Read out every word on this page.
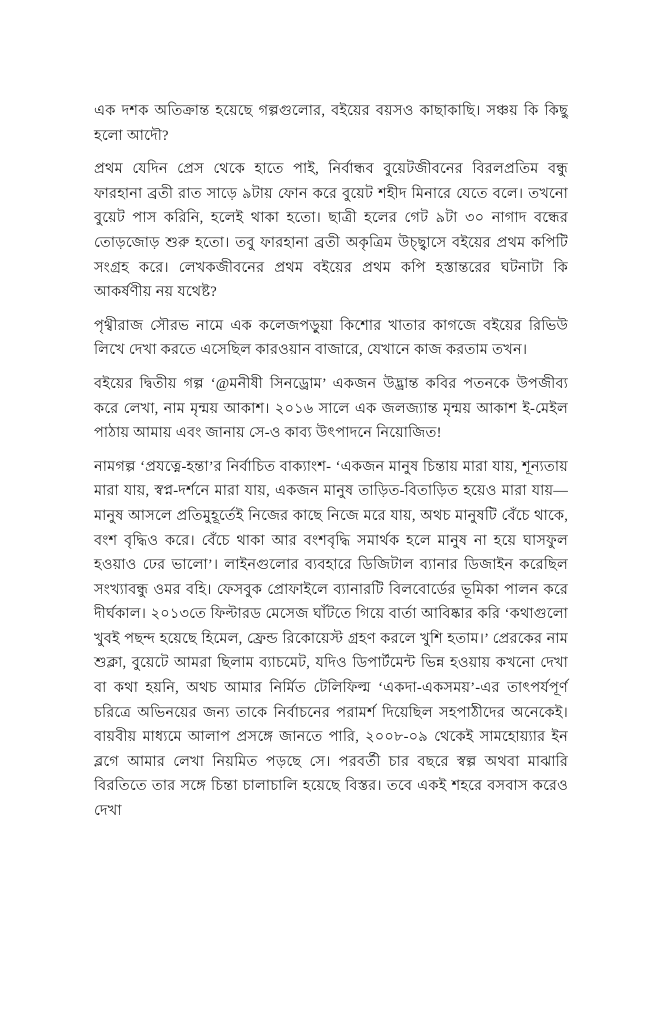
এক দশক অতিক্রান্ত হয়েছে গল্পগুলোর, বইয়ের বয়সও কাছাকাছি। সঞ্চয় কি কিছু হলো আদৌ?

প্রথম যেদিন প্রেস থেকে হাতে পাই, নির্বান্ধব বুয়েটজীবনের বিরলপ্রতিম বন্ধু ফারহানা ব্রতী রাত সাড়ে ৯টায় ফোন করে বুয়েট শহীদ মিনারে যেতে বলে। তখনো বুয়েট পাস করিনি, হলেই থাকা হতো। ছাত্রী হলের গেট ৯টা ৩০ নাগাদ বন্ধের তোড়জোড় শুরু হতো। তবু ফারহানা ব্রতী অকৃত্রিম উচ্ছ্বাসে বইয়ের প্রথম কপিটি সংগ্রহ করে। লেখকজীবনের প্রথম বইয়ের প্রথম কপি হস্তান্তরের ঘটনাটা কি আকর্ষণীয় নয় যথেষ্ট?

পৃথ্বীরাজ সৌরভ নামে এক কলেজপড়ুয়া কিশোর খাতার কাগজে বইয়ের রিভিউ লিখে দেখা করতে এসেছিল কারওয়ান বাজারে, যেখানে কাজ করতাম তখন।

বইয়ের দ্বিতীয় গল্প ‘@মনীষী সিনড্রোম’ একজন উদ্ভ্রান্ত কবির পতনকে উপজীব্য করে লেখা, নাম মৃন্ময় আকাশ। ২০১৬ সালে এক জলজ্যান্ত মৃন্ময় আকাশ ই-মেইল পাঠায় আমায় এবং জানায় সে-ও কাব্য উৎপাদনে নিয়োজিত!

নামগল্প ‘প্রযত্নে-হন্তা’র নির্বাচিত বাক্যাংশ- ‘একজন মানুষ চিন্তায় মারা যায়, শূন্যতায় মারা যায়, স্বপ্ন-দর্শনে মারা যায়, একজন মানুষ তাড়িত-বিতাড়িত হয়েও মারা যায়— মানুষ আসলে প্রতিমুহূর্তেই নিজের কাছে নিজে মরে যায়, অথচ মানুষটি বেঁচে থাকে, বংশ বৃদ্ধিও করে। বেঁচে থাকা আর বংশবৃদ্ধি সমার্থক হলে মানুষ না হয়ে ঘাসফুল হওয়াও ঢের ভালো’। লাইনগুলোর ব্যবহারে ডিজিটাল ব্যানার ডিজাইন করেছিল সংখ্যাবন্ধু ওমর বহি। ফেসবুক প্রোফাইলে ব্যানারটি বিলবোর্ডের ভূমিকা পালন করে দীর্ঘকাল। ২০১৩তে ফিল্টারড মেসেজ ঘাঁটতে গিয়ে বার্তা আবিষ্কার করি ‘কথাগুলো খুবই পছন্দ হয়েছে হিমেল, ফ্রেন্ড রিকোয়েস্ট গ্রহণ করলে খুশি হতাম।’ প্রেরকের নাম শুক্লা, বুয়েটে আমরা ছিলাম ব্যাচমেট, যদিও ডিপার্টমেন্ট ভিন্ন হওয়ায় কখনো দেখা বা কথা হয়নি, অথচ আমার নির্মিত টেলিফিল্ম ‘একদা-একসময়’-এর তাৎপর্যপূর্ণ চরিত্রে অভিনয়ের জন্য তাকে নির্বাচনের পরামর্শ দিয়েছিল সহপাঠীদের অনেকেই। বায়বীয় মাধ্যমে আলাপ প্রসঙ্গে জানতে পারি, ২০০৮-০৯ থেকেই সামহোয়্যার ইন ব্লগে আমার লেখা নিয়মিত পড়ছে সে। পরবর্তী চার বছরে স্বল্প অথবা মাঝারি বিরতিতে তার সঙ্গে চিন্তা চালাচালি হয়েছে বিস্তর। তবে একই শহরে বসবাস করেও দেখা
